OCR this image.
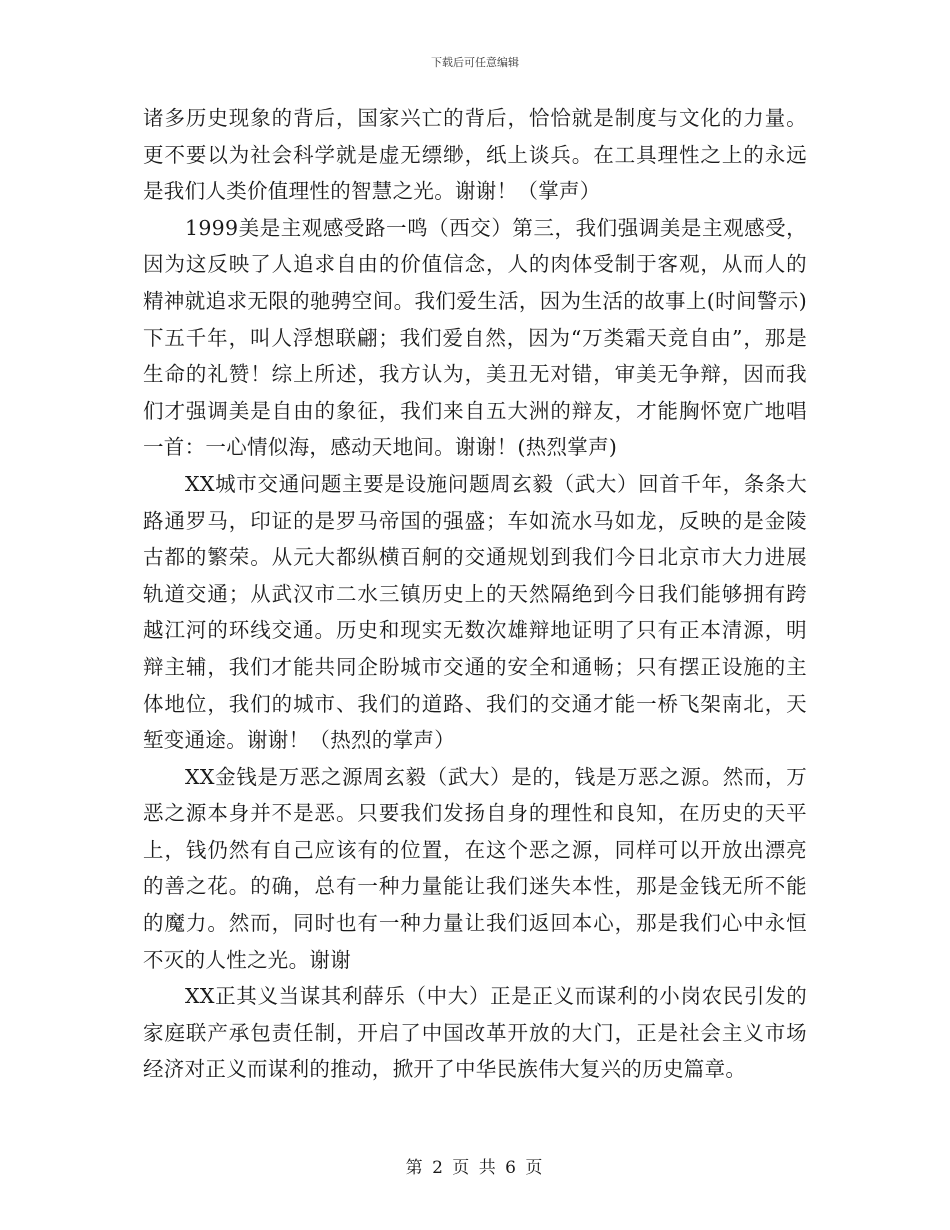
下载后可任意编辑

诸多历史现象的背后，国家兴亡的背后，恰恰就是制度与文化的力量。更不要以为社会科学就是虚无缥缈，纸上谈兵。在工具理性之上的永远是我们人类价值理性的智慧之光。谢谢！（掌声）

1999美是主观感受路一鸣（西交）第三，我们强调美是主观感受，因为这反映了人追求自由的价值信念，人的肉体受制于客观，从而人的精神就追求无限的驰骋空间。我们爱生活，因为生活的故事上(时间警示)下五千年，叫人浮想联翩；我们爱自然，因为“万类霜天竞自由”，那是生命的礼赞！综上所述，我方认为，美丑无对错，审美无争辩，因而我们才强调美是自由的象征，我们来自五大洲的辩友，才能胸怀宽广地唱一首：一心情似海，感动天地间。谢谢！(热烈掌声)

XX城市交通问题主要是设施问题周玄毅（武大）回首千年，条条大路通罗马，印证的是罗马帝国的强盛；车如流水马如龙，反映的是金陵古都的繁荣。从元大都纵横百舸的交通规划到我们今日北京市大力进展轨道交通；从武汉市二水三镇历史上的天然隔绝到今日我们能够拥有跨越江河的环线交通。历史和现实无数次雄辩地证明了只有正本清源，明辩主辅，我们才能共同企盼城市交通的安全和通畅；只有摆正设施的主体地位，我们的城市、我们的道路、我们的交通才能一桥飞架南北，天堑变通途。谢谢！（热烈的掌声）

XX金钱是万恶之源周玄毅（武大）是的，钱是万恶之源。然而，万恶之源本身并不是恶。只要我们发扬自身的理性和良知，在历史的天平上，钱仍然有自己应该有的位置，在这个恶之源，同样可以开放出漂亮的善之花。的确，总有一种力量能让我们迷失本性，那是金钱无所不能的魔力。然而，同时也有一种力量让我们返回本心，那是我们心中永恒不灭的人性之光。谢谢

XX正其义当谋其利薛乐（中大）正是正义而谋利的小岗农民引发的家庭联产承包责任制，开启了中国改革开放的大门，正是社会主义市场经济对正义而谋利的推动，掀开了中华民族伟大复兴的历史篇章。

第 2 页 共 6 页
